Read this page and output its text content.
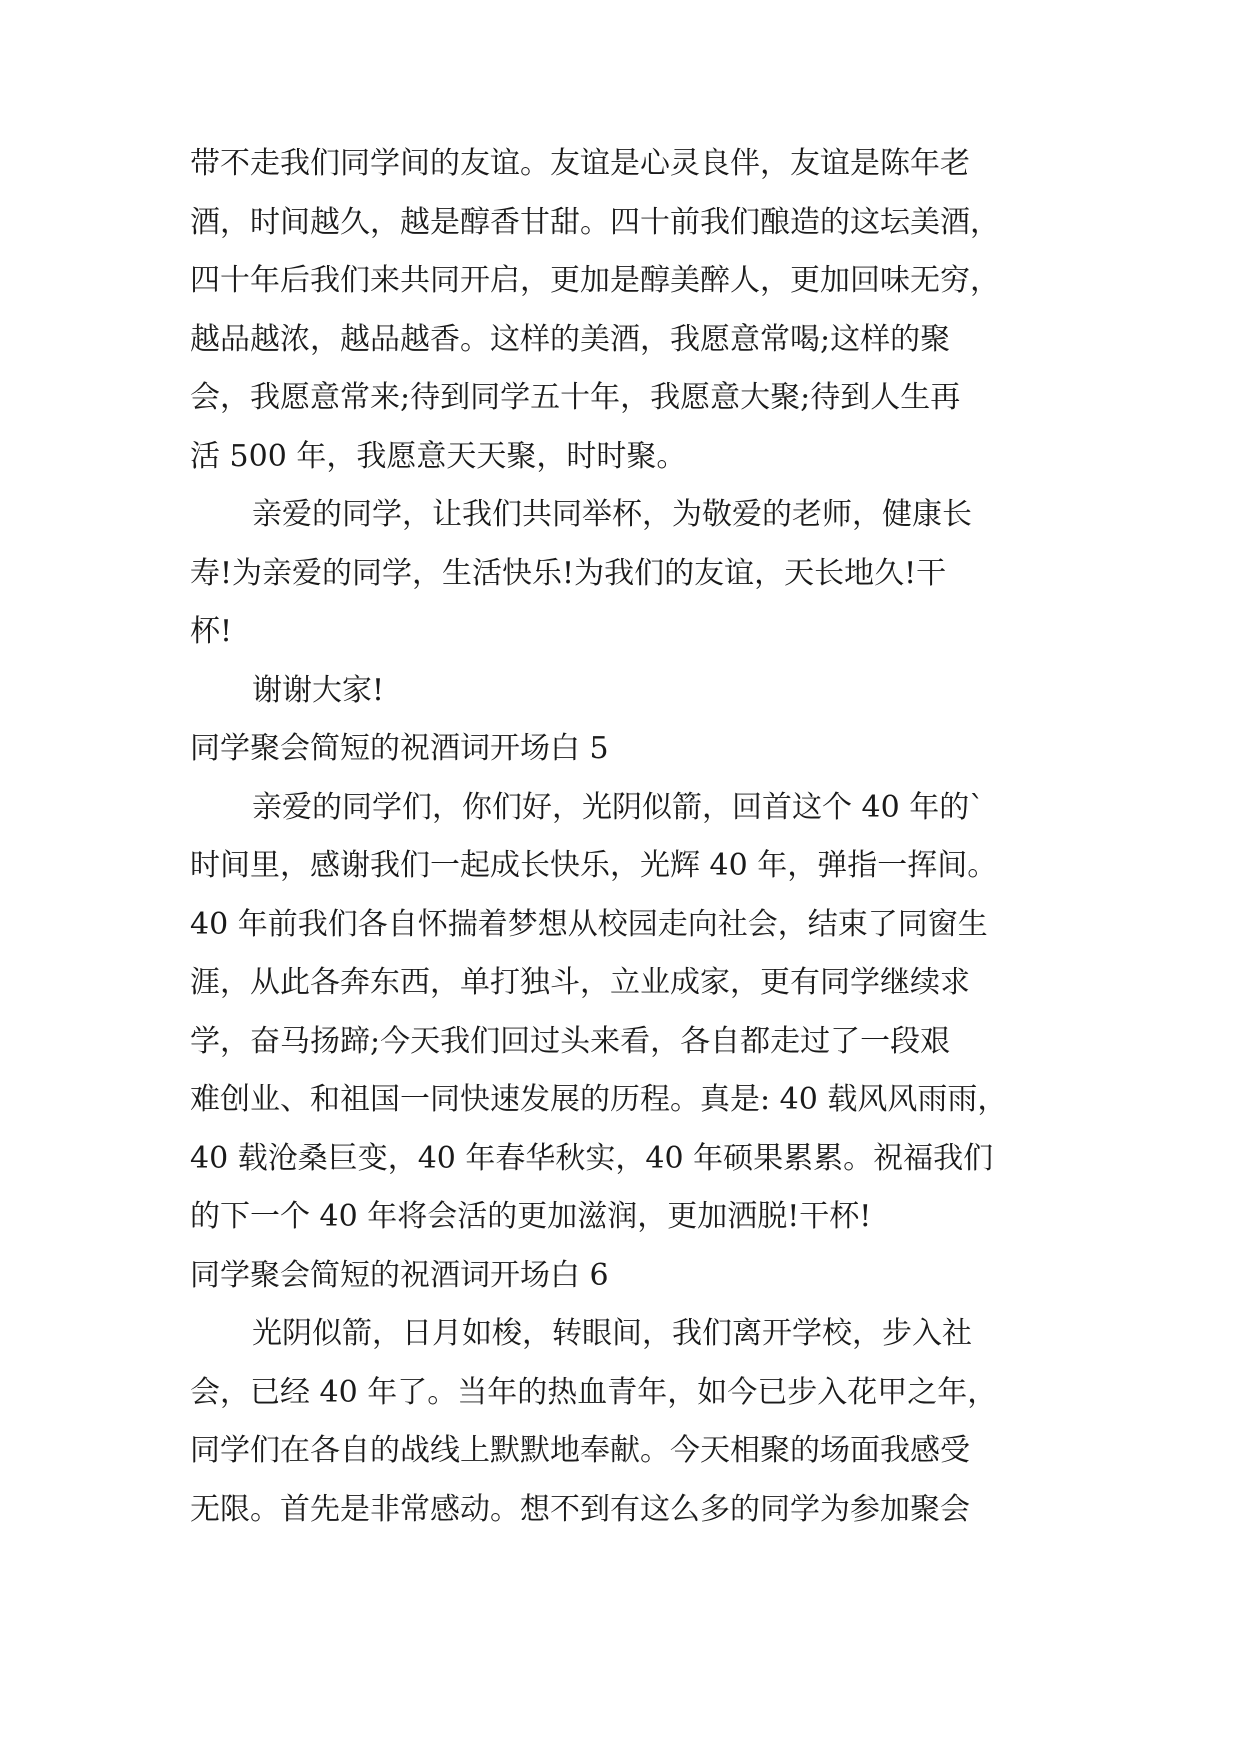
带不走我们同学间的友谊。友谊是心灵良伴，友谊是陈年老
酒，时间越久，越是醇香甘甜。四十前我们酿造的这坛美酒，
四十年后我们来共同开启，更加是醇美醉人，更加回味无穷，
越品越浓，越品越香。这样的美酒，我愿意常喝;这样的聚
会，我愿意常来;待到同学五十年，我愿意大聚;待到人生再
活 500 年，我愿意天天聚，时时聚。
亲爱的同学，让我们共同举杯，为敬爱的老师，健康长
寿!为亲爱的同学，生活快乐!为我们的友谊，天长地久!干
杯!
谢谢大家!
同学聚会简短的祝酒词开场白 5
亲爱的同学们，你们好，光阴似箭，回首这个 40 年的`
时间里，感谢我们一起成长快乐，光辉 40 年，弹指一挥间。
40 年前我们各自怀揣着梦想从校园走向社会，结束了同窗生
涯，从此各奔东西，单打独斗，立业成家，更有同学继续求
学，奋马扬蹄;今天我们回过头来看，各自都走过了一段艰
难创业、和祖国一同快速发展的历程。真是: 40 载风风雨雨，
40 载沧桑巨变，40 年春华秋实，40 年硕果累累。祝福我们
的下一个 40 年将会活的更加滋润，更加洒脱!干杯!
同学聚会简短的祝酒词开场白 6
光阴似箭，日月如梭，转眼间，我们离开学校，步入社
会，已经 40 年了。当年的热血青年，如今已步入花甲之年，
同学们在各自的战线上默默地奉献。今天相聚的场面我感受
无限。首先是非常感动。想不到有这么多的同学为参加聚会
